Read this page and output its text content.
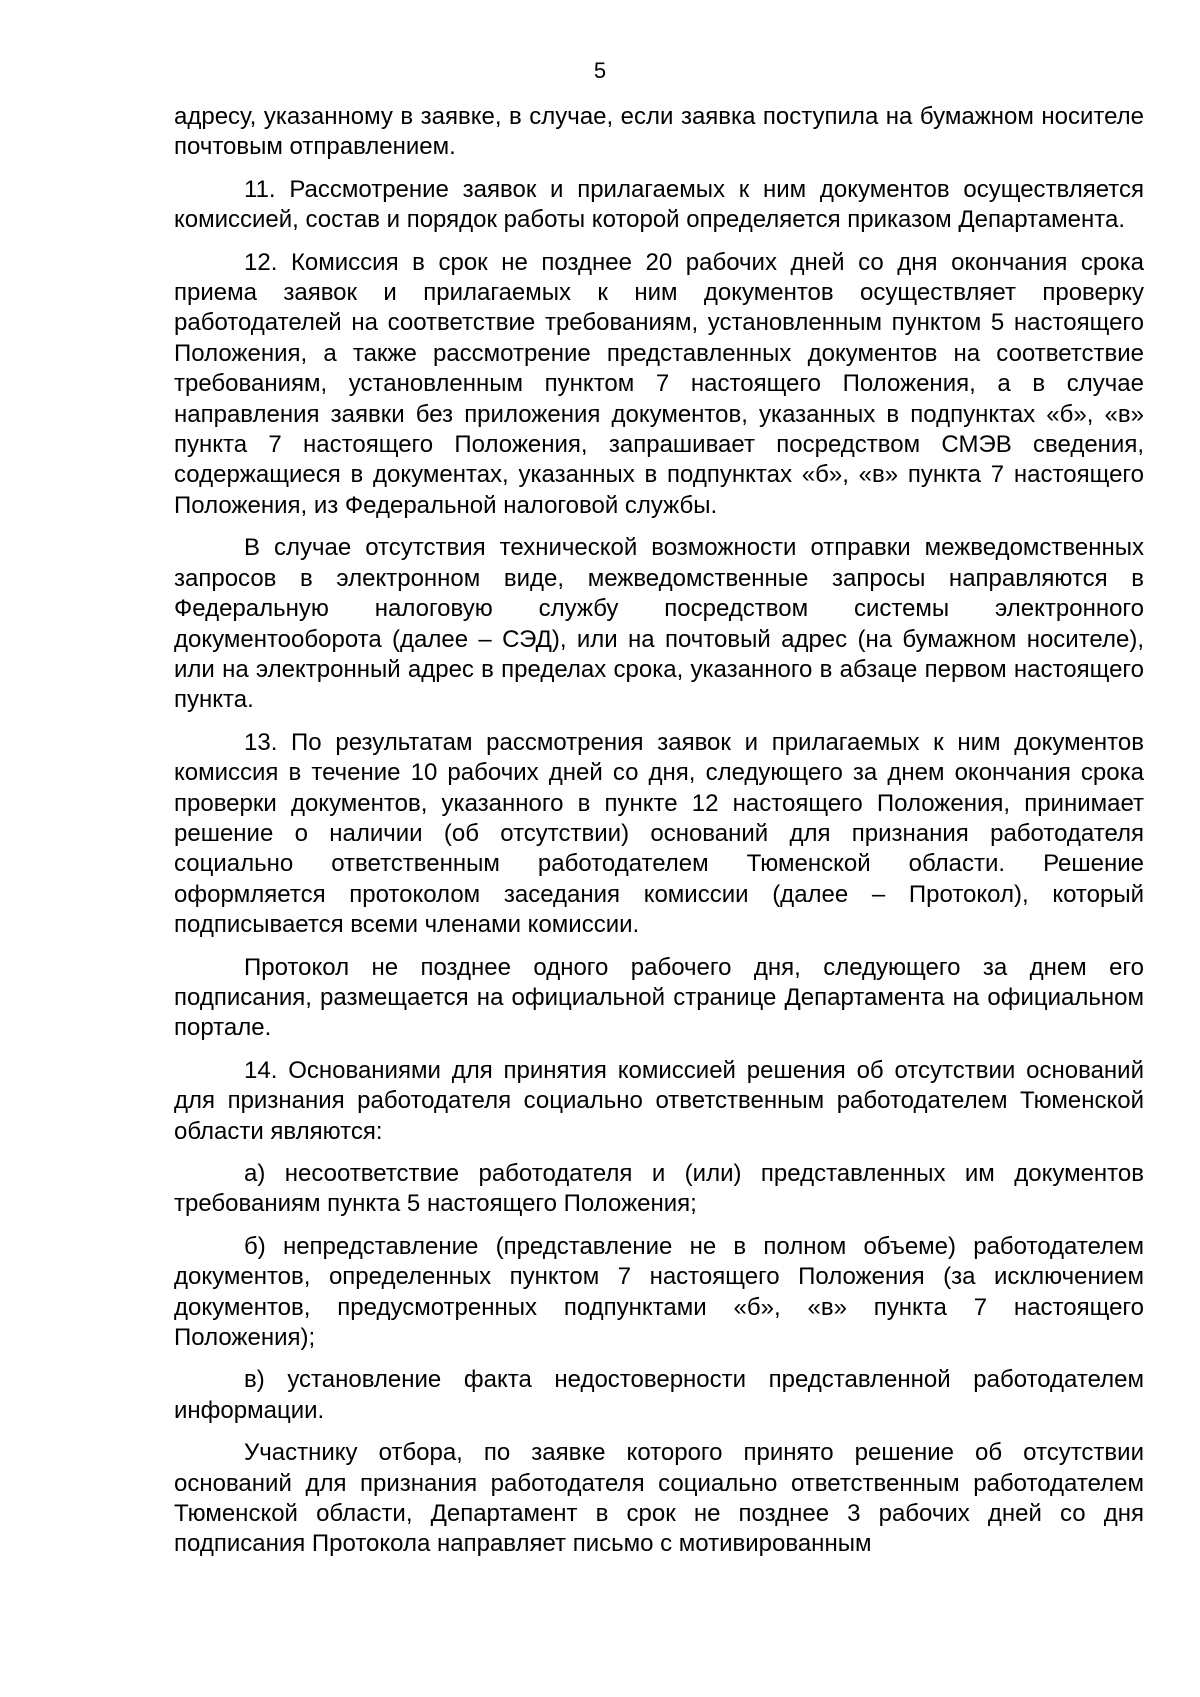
5

адресу, указанному в заявке, в случае, если заявка поступила на бумажном носителе почтовым отправлением.

11. Рассмотрение заявок и прилагаемых к ним документов осуществляется комиссией, состав и порядок работы которой определяется приказом Департамента.

12. Комиссия в срок не позднее 20 рабочих дней со дня окончания срока приема заявок и прилагаемых к ним документов осуществляет проверку работодателей на соответствие требованиям, установленным пунктом 5 настоящего Положения, а также рассмотрение представленных документов на соответствие требованиям, установленным пунктом 7 настоящего Положения, а в случае направления заявки без приложения документов, указанных в подпунктах «б», «в» пункта 7 настоящего Положения, запрашивает посредством СМЭВ сведения, содержащиеся в документах, указанных в подпунктах «б», «в» пункта 7 настоящего Положения, из Федеральной налоговой службы.

В случае отсутствия технической возможности отправки межведомственных запросов в электронном виде, межведомственные запросы направляются в Федеральную налоговую службу посредством системы электронного документооборота (далее – СЭД), или на почтовый адрес (на бумажном носителе), или на электронный адрес в пределах срока, указанного в абзаце первом настоящего пункта.

13. По результатам рассмотрения заявок и прилагаемых к ним документов комиссия в течение 10 рабочих дней со дня, следующего за днем окончания срока проверки документов, указанного в пункте 12 настоящего Положения, принимает решение о наличии (об отсутствии) оснований для признания работодателя социально ответственным работодателем Тюменской области. Решение оформляется протоколом заседания комиссии (далее – Протокол), который подписывается всеми членами комиссии.

Протокол не позднее одного рабочего дня, следующего за днем его подписания, размещается на официальной странице Департамента на официальном портале.

14. Основаниями для принятия комиссией решения об отсутствии оснований для признания работодателя социально ответственным работодателем Тюменской области являются:

а) несоответствие работодателя и (или) представленных им документов требованиям пункта 5 настоящего Положения;

б) непредставление (представление не в полном объеме) работодателем документов, определенных пунктом 7 настоящего Положения (за исключением документов, предусмотренных подпунктами «б», «в» пункта 7 настоящего Положения);

в) установление факта недостоверности представленной работодателем информации.

Участнику отбора, по заявке которого принято решение об отсутствии оснований для признания работодателя социально ответственным работодателем Тюменской области, Департамент в срок не позднее 3 рабочих дней со дня подписания Протокола направляет письмо с мотивированным
